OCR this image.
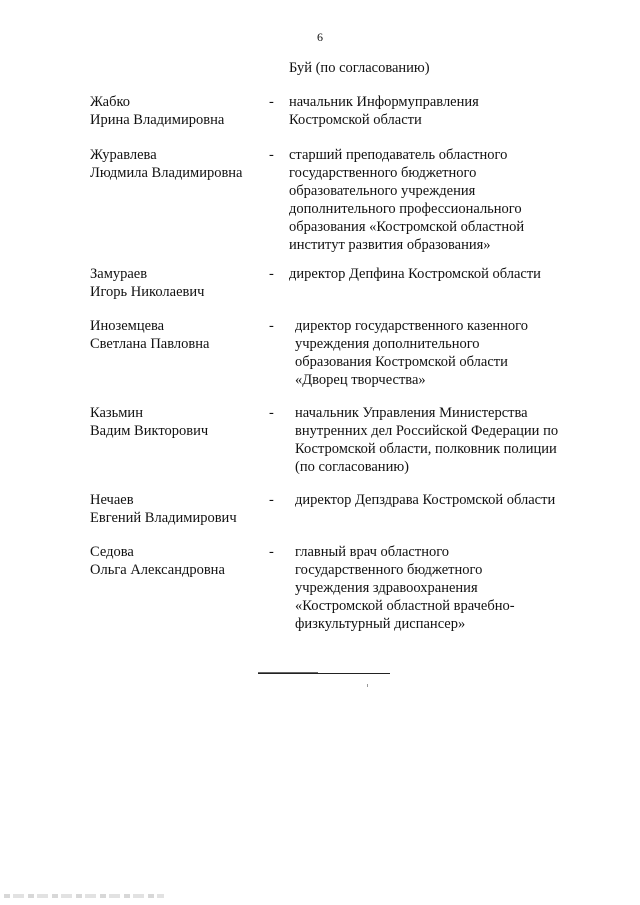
6
Буй (по согласованию)
Жабко
Ирина Владимировна
- начальник Информуправления
Костромской области
Журавлева
Людмила Владимировна
- старший преподаватель областного
государственного бюджетного
образовательного учреждения
дополнительного профессионального
образования «Костромской областной
институт развития образования»
Замураев
Игорь Николаевич
- директор Депфина Костромской области
Иноземцева
Светлана Павловна
- директор государственного казенного
учреждения дополнительного
образования Костромской области
«Дворец творчества»
Казьмин
Вадим Викторович
- начальник Управления Министерства
внутренних дел Российской Федерации по
Костромской области, полковник полиции
(по согласованию)
Нечаев
Евгений Владимирович
- директор Депздрава Костромской области
Седова
Ольга Александровна
- главный врач областного
государственного бюджетного
учреждения здравоохранения
«Костромской областной врачебно-
физкультурный диспансер»
